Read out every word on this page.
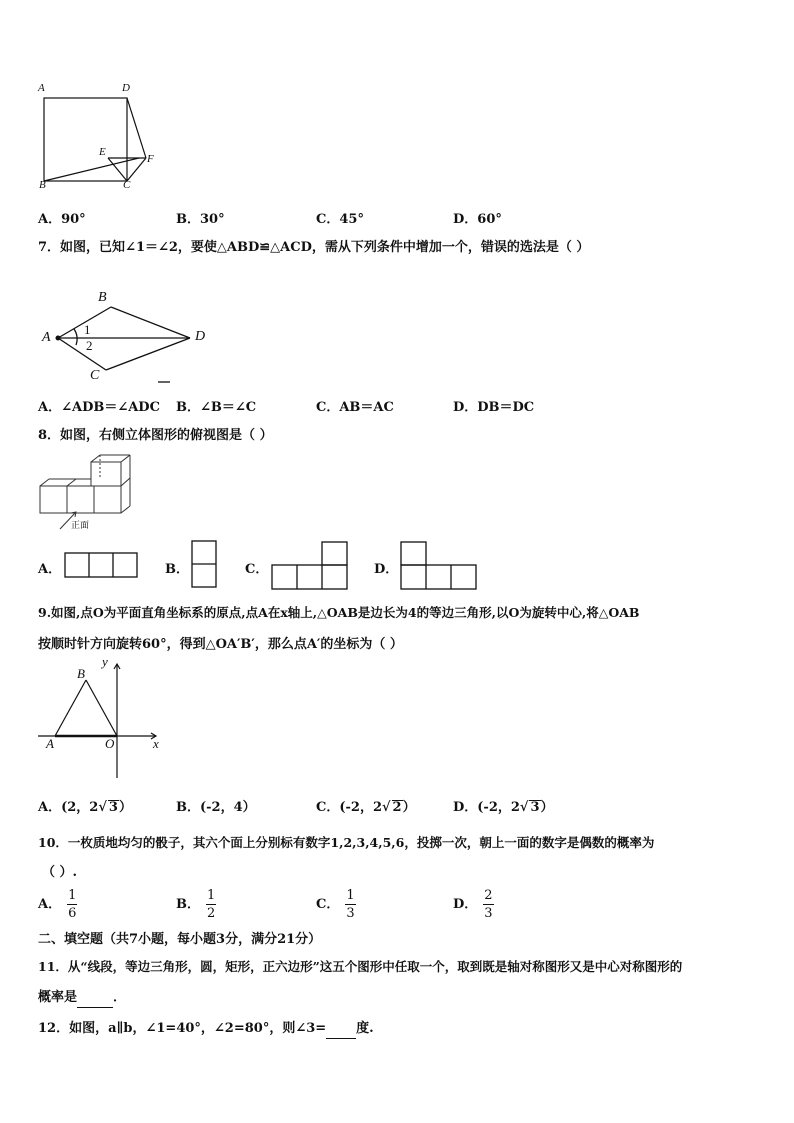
A	D
B
E
F
C
A．90°	B．30°	C．45°	D．60°
7．如图，已知∠1＝∠2，要使△ABD≌△ACD，需从下列条件中增加一个，错误的选法是（ ）
B
A	D
C
1
2
A．∠ADB＝∠ADC B．∠B＝∠C	C．AB＝AC	D．DB＝DC
8．如图，右侧立体图形的俯视图是（ ）
正面
A．	B．	C．	D．
9.如图,点O为平面直角坐标系的原点,点A在x轴上,△OAB是边长为4的等边三角形,以O为旋转中心,将△OAB
按顺时针方向旋转60°，得到△OA′B′，那么点A′的坐标为（ ）
y
B
A	O	x
A．(2，2√ 3）	B．(-2，4）	C．(-2，2√ 2）	D．(-2，2√ 3）
10．一枚质地均匀的骰子，其六个面上分别标有数字1,2,3,4,5,6，投掷一次，朝上一面的数字是偶数的概率为
（ ）.
A． $\frac{1}{6}$	B． $\frac{1}{2}$	C． $\frac{1}{3}$	D． $\frac{2}{3}$
二、填空题（共7小题，每小题3分，满分21分）
11．从“线段，等边三角形，圆，矩形，正六边形”这五个图形中任取一个，取到既是轴对称图形又是中心对称图形的
概率是	．
12．如图，a∥b，∠1=40°，∠2=80°，则∠3= 度.
